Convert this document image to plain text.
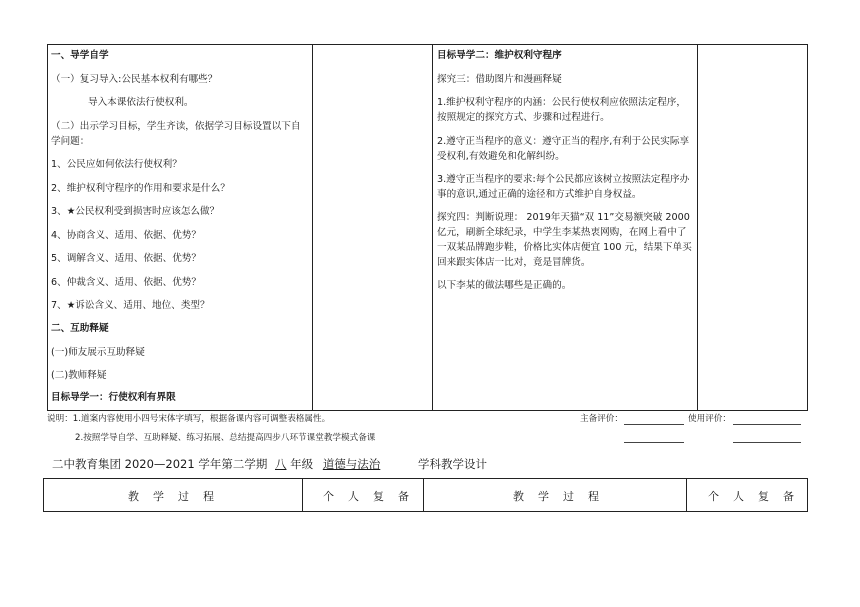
一、导学自学
（一）复习导入:公民基本权利有哪些？
导入本课依法行使权利。
（二）出示学习目标，学生齐读，依据学习目标设置以下自学问题：
1、公民应如何依法行使权利？
2、维护权利守程序的作用和要求是什么？
3、★公民权利受到损害时应该怎么做？
4、协商含义、适用、依据、优势？
5、调解含义、适用、依据、优势？
6、仲裁含义、适用、依据、优势？
7、★诉讼含义、适用、地位、类型？
二、互助释疑
(一)师友展示互助释疑
(二)教师释疑
目标导学一：行使权利有界限
目标导学二：维护权利守程序
探究三：借助图片和漫画释疑
1.维护权利守程序的内涵：公民行使权利应依照法定程序，按照规定的探究方式、步骤和过程进行。
2.遵守正当程序的意义：遵守正当的程序,有利于公民实际享受权利,有效避免和化解纠纷。
3.遵守正当程序的要求:每个公民都应该树立按照法定程序办事的意识,通过正确的途径和方式维护自身权益。
探究四：判断说理： 2019年天猫“双 11”交易额突破 2000亿元，刷新全球纪录，中学生李某热衷网购，在网上看中了一双某品牌跑步鞋，价格比实体店便宜 100 元，结果下单买回来跟实体店一比对，竟是冒牌货。
以下李某的做法哪些是正确的。
说明：1.道案内容使用小四号宋体字填写，根据备课内容可调整表格属性。	主备评价：	使用评价：
2.按照学导自学、互助释疑、练习拓展、总结提高四步八环节课堂教学模式备课
二中教育集团 2020—2021 学年第二学期 八 年级 道德与法治	学科教学设计
教学过程	个人复备	教学过程	个人复备
